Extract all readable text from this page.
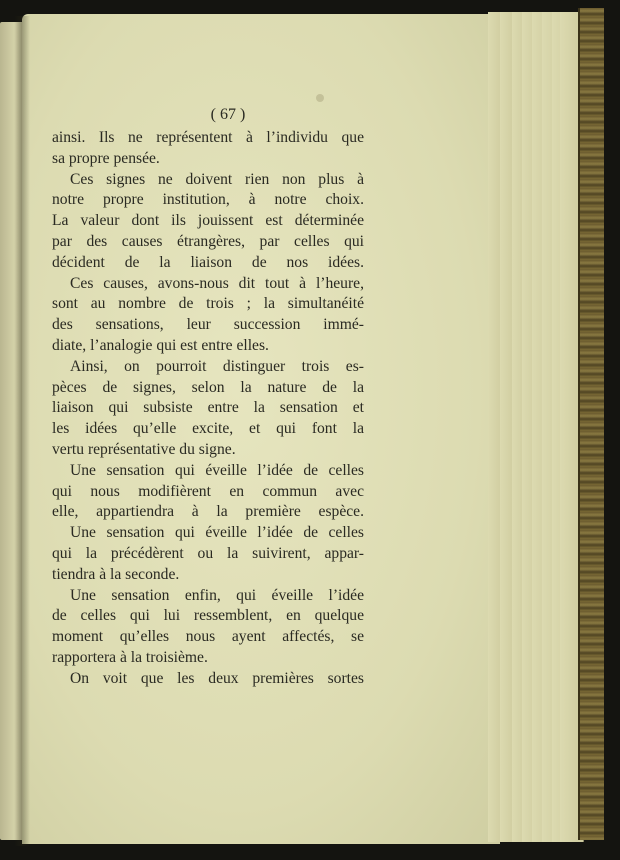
( 67 )
ainsi. Ils ne représentent à l’individu que
sa propre pensée.
Ces signes ne doivent rien non plus à
notre propre institution, à notre choix.
La valeur dont ils jouissent est déterminée
par des causes étrangères, par celles qui
décident de la liaison de nos idées.
Ces causes, avons-nous dit tout à l’heure,
sont au nombre de trois ; la simultanéité
des sensations, leur succession immé-
diate, l’analogie qui est entre elles.
Ainsi, on pourroit distinguer trois es-
pèces de signes, selon la nature de la
liaison qui subsiste entre la sensation et
les idées qu’elle excite, et qui font la
vertu représentative du signe.
Une sensation qui éveille l’idée de celles
qui nous modifièrent en commun avec
elle, appartiendra à la première espèce.
Une sensation qui éveille l’idée de celles
qui la précédèrent ou la suivirent, appar-
tiendra à la seconde.
Une sensation enfin, qui éveille l’idée
de celles qui lui ressemblent, en quelque
moment qu’elles nous ayent affectés, se
rapportera à la troisième.
On voit que les deux premières sortes
